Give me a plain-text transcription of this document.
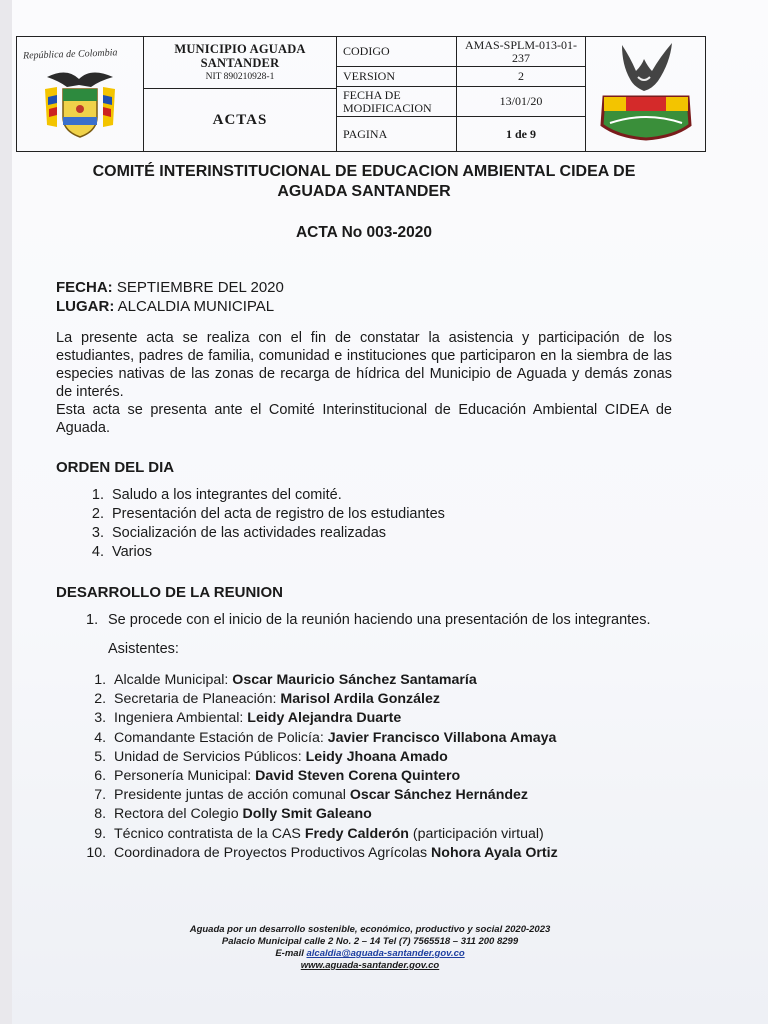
República de Colombia	MUNICIPIO AGUADA SANTANDER
NIT 890210928-1
ACTAS
CODIGO	AMAS-SPLM-013-01-237
VERSION	2
FECHA DE MODIFICACION	13/01/20
PAGINA	1 de 9
COMITÉ INTERINSTITUCIONAL DE EDUCACION AMBIENTAL CIDEA DE AGUADA SANTANDER
ACTA No 003-2020
FECHA: SEPTIEMBRE DEL 2020
LUGAR: ALCALDIA MUNICIPAL
La presente acta se realiza con el fin de constatar la asistencia y participación de los estudiantes, padres de familia, comunidad e instituciones que participaron en la siembra de las especies nativas de las zonas de recarga de hídrica del Municipio de Aguada y demás zonas de interés.
Esta acta se presenta ante el Comité Interinstitucional de Educación Ambiental CIDEA de Aguada.
ORDEN DEL DIA
1. Saludo a los integrantes del comité.
2. Presentación del acta de registro de los estudiantes
3. Socialización de las actividades realizadas
4. Varios
DESARROLLO DE LA REUNION
1. Se procede con el inicio de la reunión haciendo una presentación de los integrantes.
Asistentes:
1. Alcalde Municipal: Oscar Mauricio Sánchez Santamaría
2. Secretaria de Planeación: Marisol Ardila González
3. Ingeniera Ambiental: Leidy Alejandra Duarte
4. Comandante Estación de Policía: Javier Francisco Villabona Amaya
5. Unidad de Servicios Públicos: Leidy Jhoana Amado
6. Personería Municipal: David Steven Corena Quintero
7. Presidente juntas de acción comunal Oscar Sánchez Hernández
8. Rectora del Colegio Dolly Smit Galeano
9. Técnico contratista de la CAS Fredy Calderón (participación virtual)
10. Coordinadora de Proyectos Productivos Agrícolas Nohora Ayala Ortiz
Aguada por un desarrollo sostenible, económico, productivo y social 2020-2023
Palacio Municipal calle 2 No. 2 – 14 Tel (7) 7565518 – 311 200 8299
E-mail alcaldia@aguada-santander.gov.co
www.aguada-santander.gov.co
